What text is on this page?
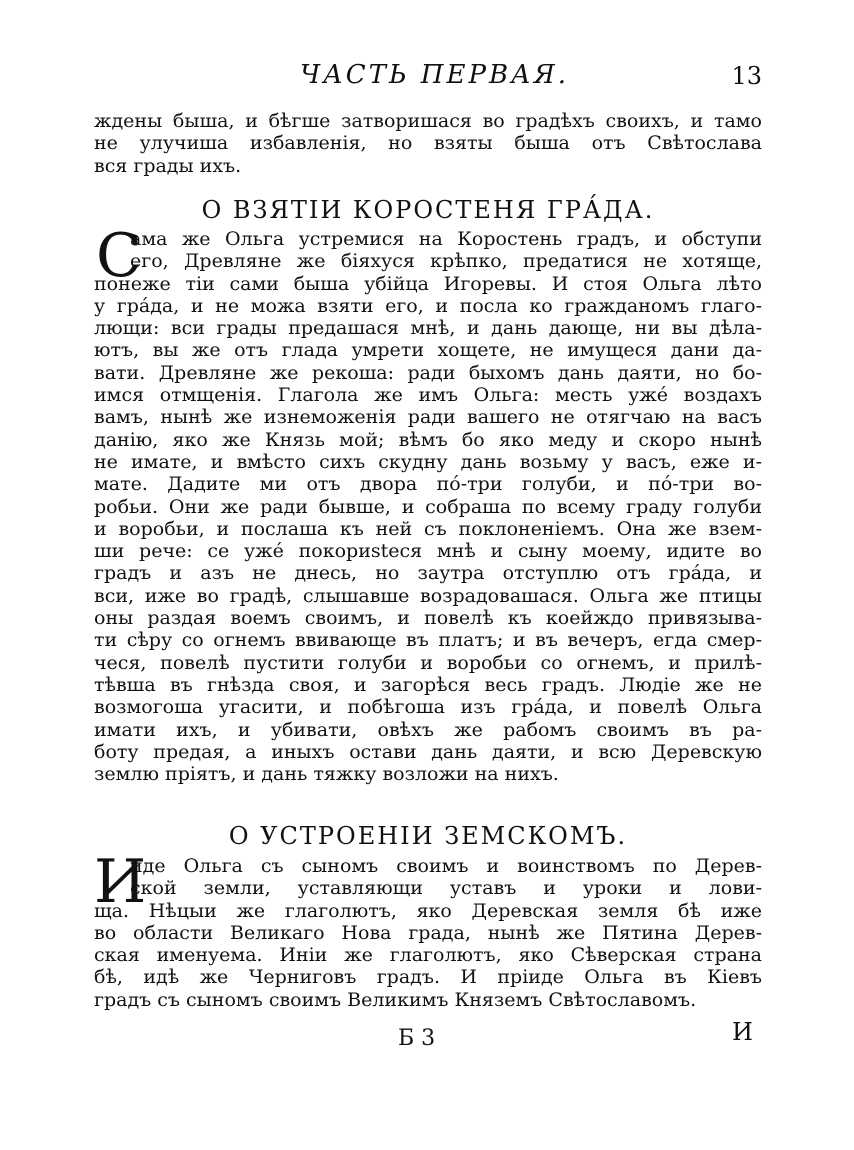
ЧАСТЬ ПЕРВАЯ.	13
ждены быша, и бѣгше затворишася во градѣхъ своихъ, и тамо
не улучиша избавленія, но взяты быша отъ Свѣтослава
вся грады ихъ.
О ВЗЯТІИ КОРОСТЕНЯ ГРА́ДА.
С
ама же Ольга устремися на Коростень градъ, и обступи
его, Древляне же бiяхуся крѣпко, предатися не хотяще,
понеже тiи сами быша убiйца Игоревы. И стоя Ольга лѣто
у гра́да, и не можа взяти его, и посла ко гражданомъ глаго-
лющи: вси грады предашася мнѣ, и дань дающе, ни вы дѣла-
ютъ, вы же отъ глада умрети хощете, не имущеся дани да-
вати. Древляне же рекоша: ради быхомъ дань даяти, но бо-
имся отмщенія. Глагола же имъ Ольга: месть уже́ воздахъ
вамъ, нынѣ же изнеможенія ради вашего не отягчаю на васъ
данію, яко же Князь мой; вѣмъ бо яко меду и скоро нынѣ
не имате, и вмѣсто сихъ скудну дань возьму у васъ, еже и-
мате. Дадите ми отъ двора по́-три голуби, и по́-три во-
робьи. Они же ради бывше, и собраша по всему граду голуби
и воробьи, и послаша къ ней съ поклоненіемъ. Она же взем-
ши рече: се уже́ покориstеся мнѣ и сыну моему, идите во
градъ и азъ не днесь, но заутра отступлю отъ гра́да, и
вси, иже во градѣ, слышавше возрадовашася. Ольга же птицы
оны раздая воемъ своимъ, и повелѣ къ коейждо привязыва-
ти сѣру со огнемъ ввивающе въ платъ; и въ вечеръ, егда смер-
чеся, повелѣ пустити голуби и воробьи со огнемъ, и прилѣ-
тѣвша въ гнѣзда своя, и загорѣся весь градъ. Людіе же не
возмогоша угасити, и побѣгоша изъ гра́да, и повелѣ Ольга
имати ихъ, и убивати, овѣхъ же рабомъ своимъ въ ра-
боту предая, а иныхъ остави дань даяти, и всю Деревскую
землю прiятъ, и дань тяжку возложи на нихъ.
О УСТРОЕНІИ ЗЕМСКОМЪ.
И
иде Ольга съ сыномъ своимъ и воинствомъ по Дерев-
ской земли, уставляющи уставъ и уроки и лови-
ща. Нѣцыи же глаголютъ, яко Деревская земля бѣ иже
во области Великаго Нова града, нынѣ же Пятина Дерев-
ская именуема. Инiи же глаголютъ, яко Сѣверская страна
бѣ, идѣ же Черниговъ градъ. И прiиде Ольга въ Кiевъ
градъ съ сыномъ своимъ Великимъ Княземъ Свѣтославомъ.
Б 3	И
